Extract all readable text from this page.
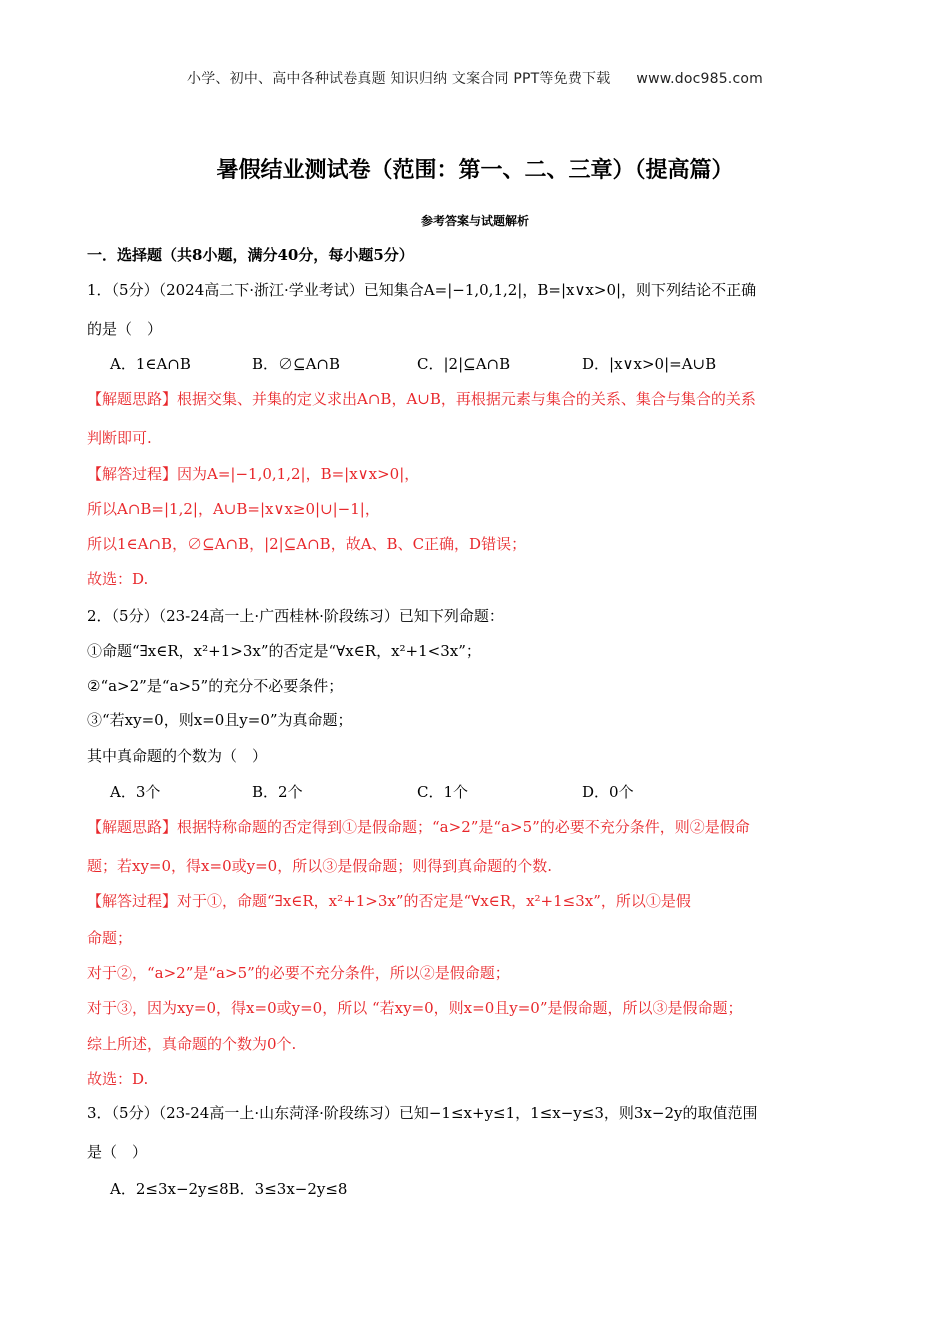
小学、初中、高中各种试卷真题 知识归纳 文案合同 PPT等免费下载 www.doc985.com
暑假结业测试卷（范围：第一、二、三章）（提高篇）
参考答案与试题解析
一．选择题（共8小题，满分40分，每小题5分）
1．（5分）（2024高二下·浙江·学业考试）已知集合A=|−1,0,1,2|，B=|x∨x>0|，则下列结论不正确
的是（　）
A．1∈A∩B	B．∅⊆A∩B	C．|2|⊆A∩B	D．|x∨x>0|=A∪B
【解题思路】根据交集、并集的定义求出A∩B，A∪B，再根据元素与集合的关系、集合与集合的关系
判断即可.
【解答过程】因为A=|−1,0,1,2|，B=|x∨x>0|，
所以A∩B=|1,2|，A∪B=|x∨x≥0|∪|−1|，
所以1∈A∩B，∅⊆A∩B，|2|⊆A∩B，故A、B、C正确，D错误；
故选：D.
2．（5分）（23-24高一上·广西桂林·阶段练习）已知下列命题：
①命题“∃x∈R，x²+1>3x”的否定是“∀x∈R，x²+1<3x”；
②“a>2”是“a>5”的充分不必要条件；
③“若xy=0，则x=0且y=0”为真命题；
其中真命题的个数为（　）
A．3个	B．2个	C．1个	D．0个
【解题思路】根据特称命题的否定得到①是假命题；“a>2”是“a>5”的必要不充分条件，则②是假命
题；若xy=0，得x=0或y=0，所以③是假命题；则得到真命题的个数.
【解答过程】对于①，命题“∃x∈R，x²+1>3x”的否定是“∀x∈R，x²+1≤3x”，所以①是假
命题；
对于②，“a>2”是“a>5”的必要不充分条件，所以②是假命题；
对于③，因为xy=0，得x=0或y=0，所以 “若xy=0，则x=0且y=0”是假命题，所以③是假命题；
综上所述，真命题的个数为0个.
故选：D.
3．（5分）（23-24高一上·山东菏泽·阶段练习）已知−1≤x+y≤1，1≤x−y≤3，则3x−2y的取值范围
是（　）
A．2≤3x−2y≤8B．3≤3x−2y≤8
